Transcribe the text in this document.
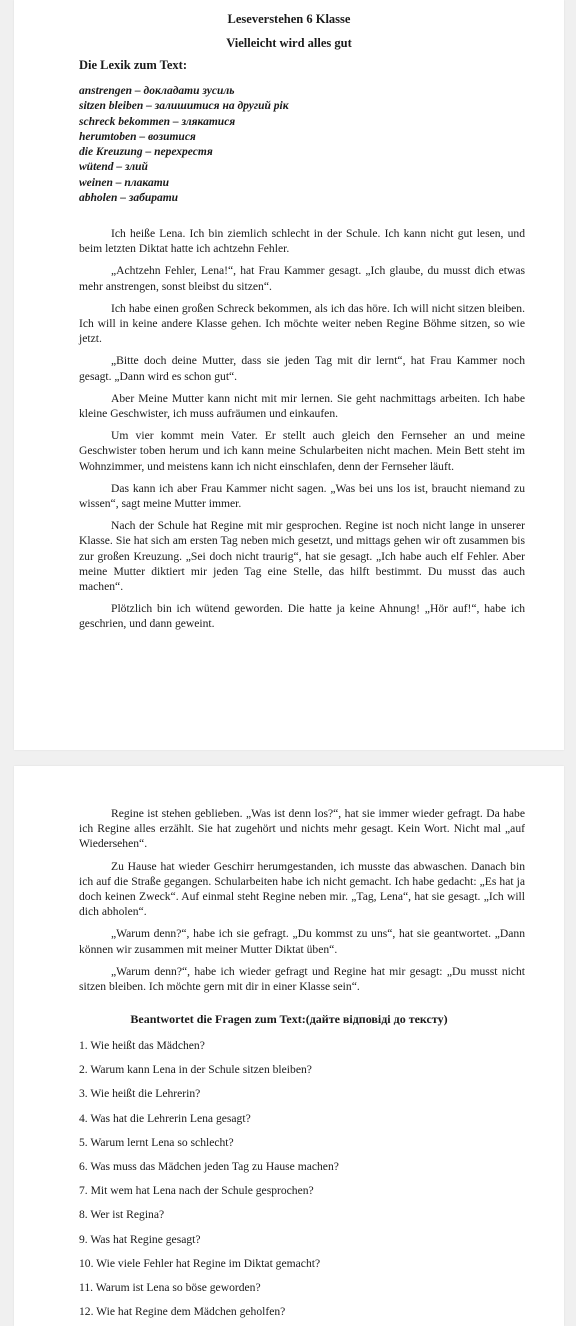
Leseverstehen 6 Klasse
Vielleicht wird alles gut
Die Lexik zum Text:
anstrengen – докладати зусиль
sitzen bleiben – залишитися на другий рік
schreck bekommen – злякатися
herumtoben – возитися
die Kreuzung – перехрестя
wütend – злий
weinen – плакати
abholen – забирати

Ich heiße Lena. Ich bin ziemlich schlecht in der Schule. Ich kann nicht gut lesen, und beim letzten Diktat hatte ich achtzehn Fehler.

„Achtzehn Fehler, Lena!“, hat Frau Kammer gesagt. „Ich glaube, du musst dich etwas mehr anstrengen, sonst bleibst du sitzen“.

Ich habe einen großen Schreck bekommen, als ich das höre. Ich will nicht sitzen bleiben. Ich will in keine andere Klasse gehen. Ich möchte weiter neben Regine Böhme sitzen, so wie jetzt.

„Bitte doch deine Mutter, dass sie jeden Tag mit dir lernt“, hat Frau Kammer noch gesagt. „Dann wird es schon gut“.

Aber Meine Mutter kann nicht mit mir lernen. Sie geht nachmittags arbeiten. Ich habe kleine Geschwister, ich muss aufräumen und einkaufen.

Um vier kommt mein Vater. Er stellt auch gleich den Fernseher an und meine Geschwister toben herum und ich kann meine Schularbeiten nicht machen. Mein Bett steht im Wohnzimmer, und meistens kann ich nicht einschlafen, denn der Fernseher läuft.

Das kann ich aber Frau Kammer nicht sagen. „Was bei uns los ist, braucht niemand zu wissen“, sagt meine Mutter immer.

Nach der Schule hat Regine mit mir gesprochen. Regine ist noch nicht lange in unserer Klasse. Sie hat sich am ersten Tag neben mich gesetzt, und mittags gehen wir oft zusammen bis zur großen Kreuzung. „Sei doch nicht traurig“, hat sie gesagt. „Ich habe auch elf Fehler. Aber meine Mutter diktiert mir jeden Tag eine Stelle, das hilft bestimmt. Du musst das auch machen“.

Plötzlich bin ich wütend geworden. Die hatte ja keine Ahnung! „Hör auf!“, habe ich geschrien, und dann geweint.

Regine ist stehen geblieben. „Was ist denn los?“, hat sie immer wieder gefragt. Da habe ich Regine alles erzählt. Sie hat zugehört und nichts mehr gesagt. Kein Wort. Nicht mal „auf Wiedersehen“.

Zu Hause hat wieder Geschirr herumgestanden, ich musste das abwaschen. Danach bin ich auf die Straße gegangen. Schularbeiten habe ich nicht gemacht. Ich habe gedacht: „Es hat ja doch keinen Zweck“. Auf einmal steht Regine neben mir. „Tag, Lena“, hat sie gesagt. „Ich will dich abholen“.

„Warum denn?“, habe ich sie gefragt. „Du kommst zu uns“, hat sie geantwortet. „Dann können wir zusammen mit meiner Mutter Diktat üben“.

„Warum denn?“, habe ich wieder gefragt und Regine hat mir gesagt: „Du musst nicht sitzen bleiben. Ich möchte gern mit dir in einer Klasse sein“.

Beantwortet die Fragen zum Text:(дайте відповіді до тексту)
1. Wie heißt das Mädchen?
2. Warum kann Lena in der Schule sitzen bleiben?
3. Wie heißt die Lehrerin?
4. Was hat die Lehrerin Lena gesagt?
5. Warum lernt Lena so schlecht?
6. Was muss das Mädchen jeden Tag zu Hause machen?
7. Mit wem hat Lena nach der Schule gesprochen?
8. Wer ist Regina?
9. Was hat Regine gesagt?
10. Wie viele Fehler hat Regine im Diktat gemacht?
11. Warum ist Lena so böse geworden?
12. Wie hat Regine dem Mädchen geholfen?
